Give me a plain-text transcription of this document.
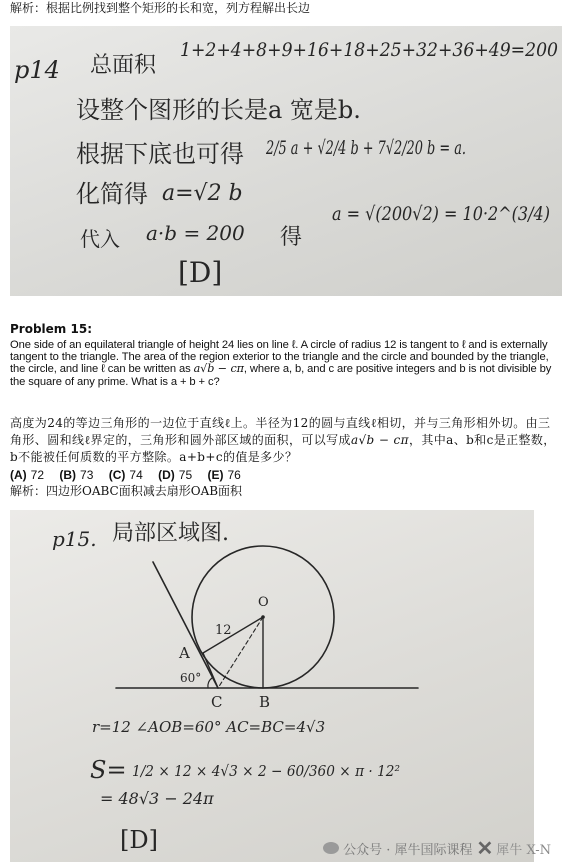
解析：根据比例找到整个矩形的长和宽，列方程解出长边
p14 总面积
1+2+4+8+9+16+18+25+32+36+49=200
设整个图形的长是a 宽是b.
根据下底也可得 2/5 a + √2/4 b + 7√2/20 b = a.
化简得 a=√2 b
代入 a·b = 200 得
a = √(200√2) = 10·2^(3/4)
[D]
Problem 15:
One side of an equilateral triangle of height 24 lies on line ℓ. A circle of radius 12 is tangent to ℓ and is externally tangent to the triangle. The area of the region exterior to the triangle and the circle and bounded by the triangle, the circle, and line ℓ can be written as a√b − cπ, where a, b, and c are positive integers and b is not divisible by the square of any prime. What is a + b + c?
高度为24的等边三角形的一边位于直线ℓ上。半径为12的圆与直线ℓ相切，并与三角形相外切。由三角形、圆和线ℓ界定的，三角形和圆外部区域的面积，可以写成a√b − cπ，其中a、b和c是正整数，b不能被任何质数的平方整除。a+b+c的值是多少？
(A) 72 (B) 73 (C) 74 (D) 75 (E) 76
解析：四边形OABC面积减去扇形OAB面积
p15. 局部区域图.
O
12
A
60°
C B
r=12 ∠AOB=60° AC=BC=4√3
S= 1/2 × 12 × 4√3 × 2 − 60/360 × π · 12²
= 48√3 − 24π
[D]	公众号 · 犀牛国际课程 ✕ 犀牛 X-N
